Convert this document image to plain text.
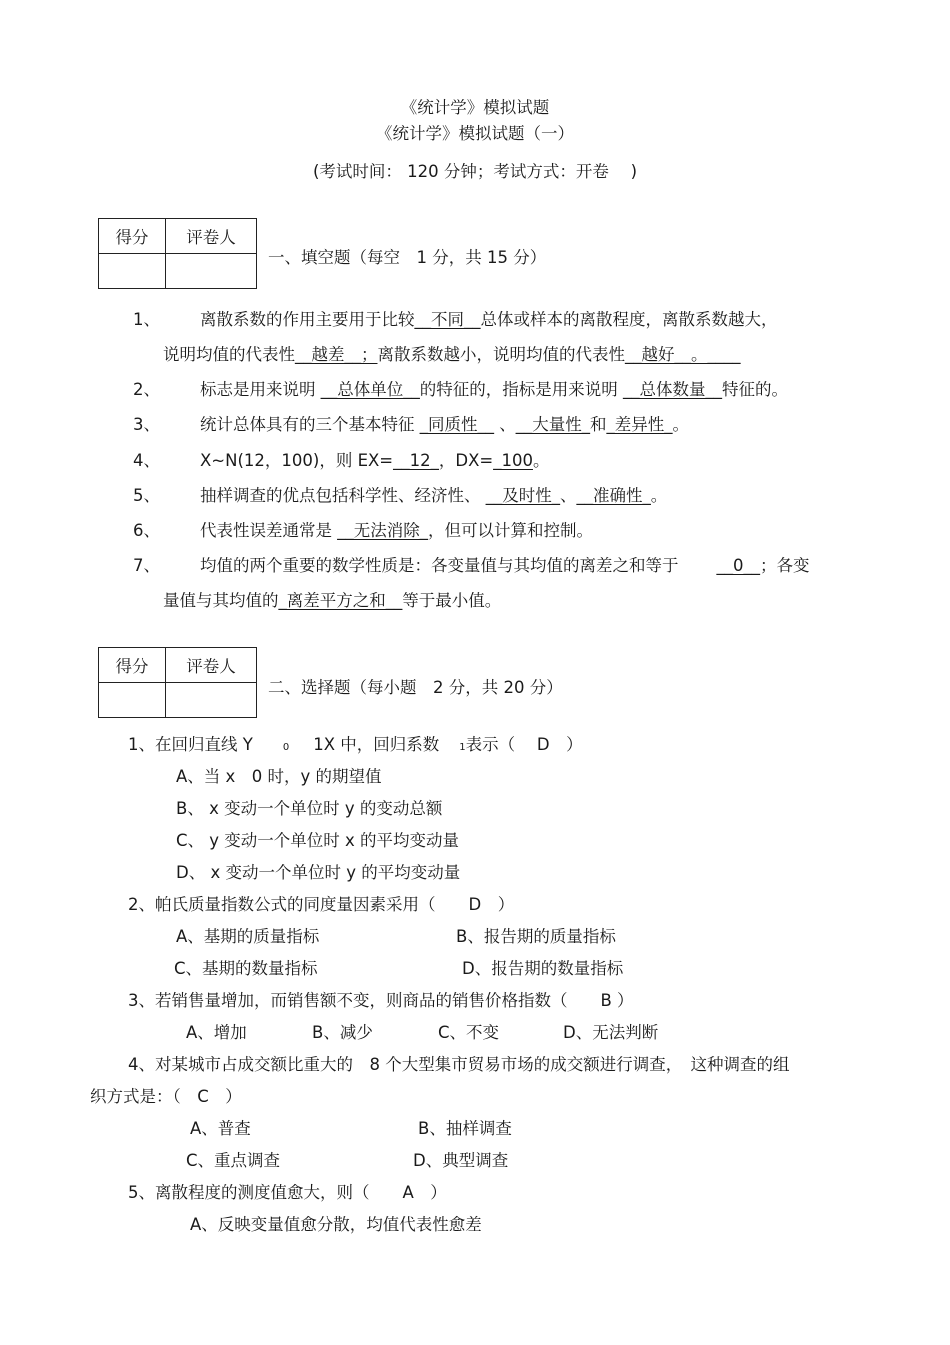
《统计学》模拟试题
《统计学》模拟试题（一）
(考试时间： 120 分钟；考试方式：开卷　 )
得分	评卷人

一、填空题（每空　1 分，共 15 分）
1、 离散系数的作用主要用于比较__不同__总体或样本的离散程度，离散系数越大，
说明均值的代表性__越差__；离散系数越小，说明均值的代表性__越好__。____
2、 标志是用来说明 __总体单位__的特征的，指标是用来说明 __总体数量__特征的。
3、 统计总体具有的三个基本特征 _同质性__ 、__大量性_和_差异性_。
4、 X~N(12，100)，则 EX=__12_，DX=_100。
5、 抽样调查的优点包括科学性、经济性、 __及时性_、__准确性_。
6、 代表性误差通常是 __无法消除_，但可以计算和控制。
7、 均值的两个重要的数学性质是：各变量值与其均值的离差之和等于 __0__；各变
量值与其均值的_离差平方之和__等于最小值。
得分	评卷人

二、选择题（每小题　2 分，共 20 分）
1、在回归直线 Y	0 1X 中，回归系数 1表示（　 D　）
A、当 x　0 时，y 的期望值
B、 x 变动一个单位时 y 的变动总额
C、 y 变动一个单位时 x 的平均变动量
D、 x 变动一个单位时 y 的平均变动量
2、帕氏质量指数公式的同度量因素采用（　　D　）
A、基期的质量指标	B、报告期的质量指标
C、基期的数量指标	D、报告期的数量指标
3、若销售量增加，而销售额不变，则商品的销售价格指数（　　B ）
A、增加	B、减少	C、不变	D、无法判断
4、对某城市占成交额比重大的　8 个大型集市贸易市场的成交额进行调查，　这种调查的组
织方式是：（　C　）
A、普查	B、抽样调查
C、重点调查	D、典型调查
5、离散程度的测度值愈大，则（　　A　）
A、反映变量值愈分散，均值代表性愈差
